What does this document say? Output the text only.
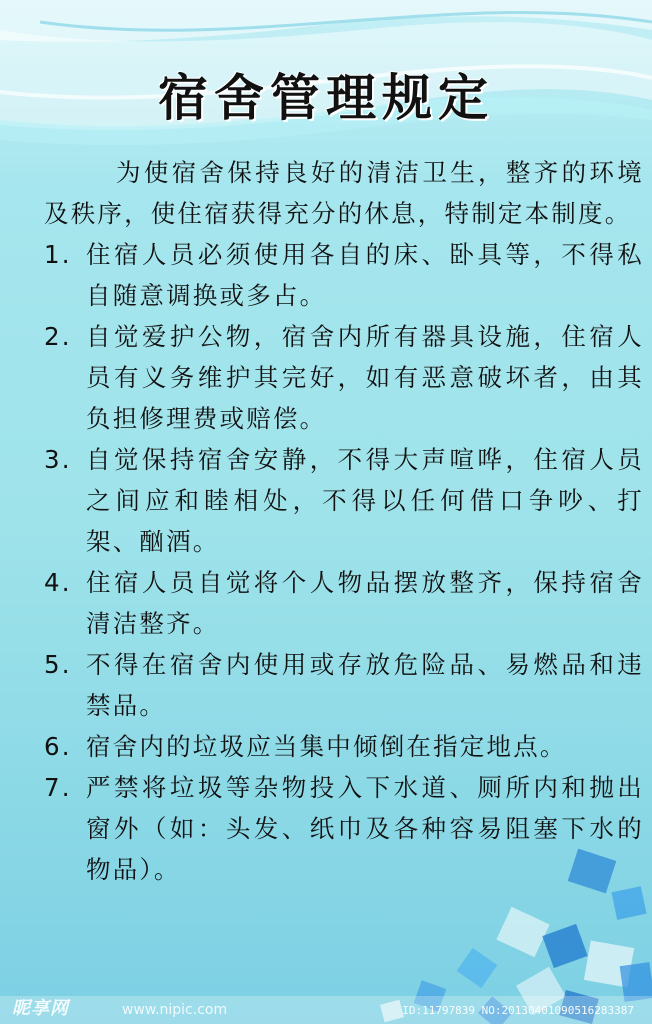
宿舍管理规定

为使宿舍保持良好的清洁卫生，整齐的环境及秩序，使住宿获得充分的休息，特制定本制度。

1. 住宿人员必须使用各自的床、卧具等，不得私自随意调换或多占。

2. 自觉爱护公物，宿舍内所有器具设施，住宿人员有义务维护其完好，如有恶意破坏者，由其负担修理费或赔偿。

3. 自觉保持宿舍安静，不得大声喧哗，住宿人员之间应和睦相处，不得以任何借口争吵、打架、酗酒。

4. 住宿人员自觉将个人物品摆放整齐，保持宿舍清洁整齐。

5. 不得在宿舍内使用或存放危险品、易燃品和违禁品。

6. 宿舍内的垃圾应当集中倾倒在指定地点。

7. 严禁将垃圾等杂物投入下水道、厕所内和抛出窗外（如：头发、纸巾及各种容易阻塞下水的物品）。

昵享网	www.nipic.com	ID:11797839 NO:20130401090516283387
